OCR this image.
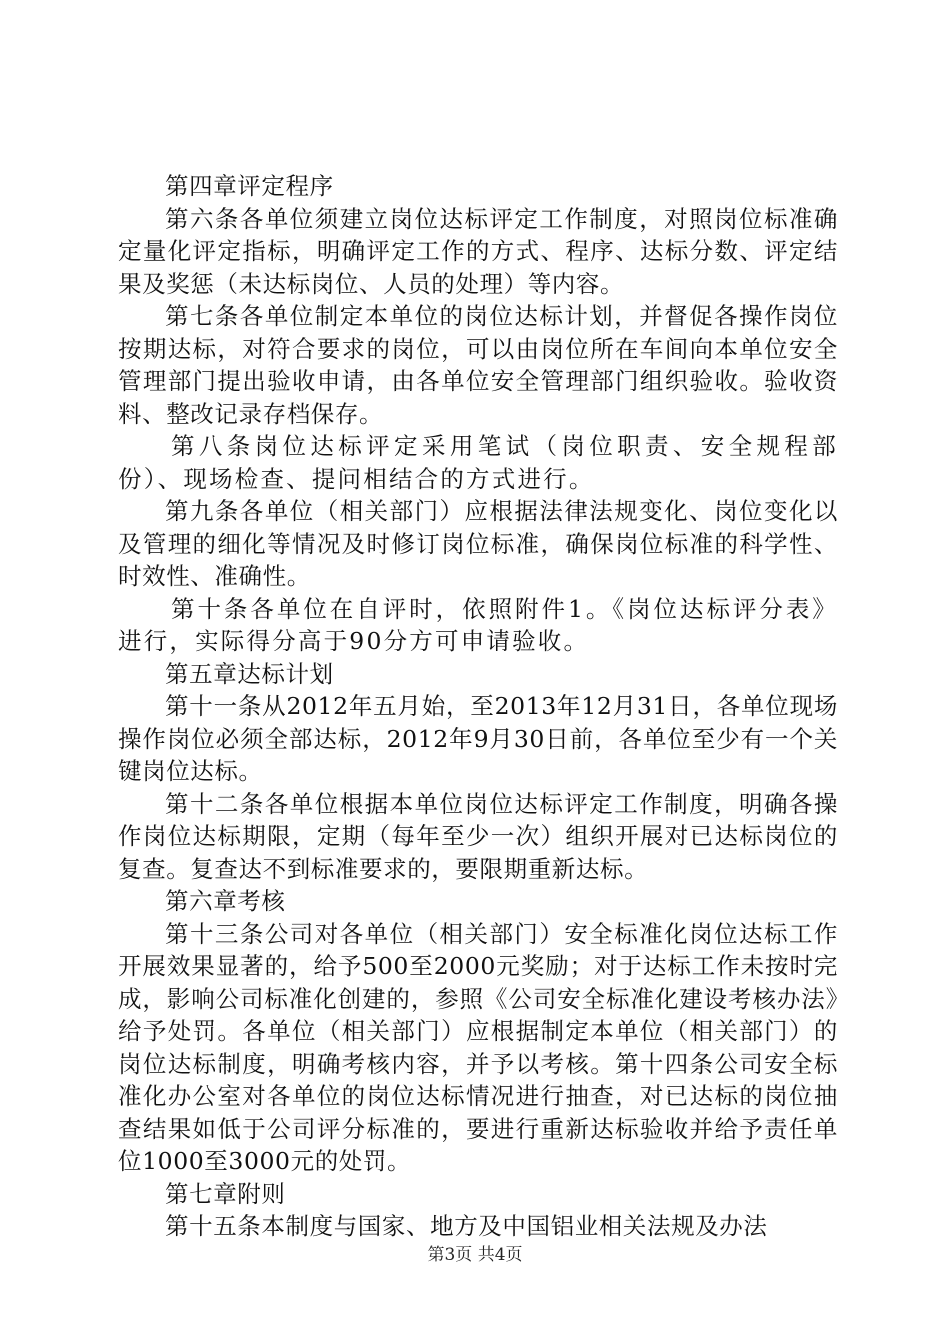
第四章评定程序

第六条各单位须建立岗位达标评定工作制度，对照岗位标准确定量化评定指标，明确评定工作的方式、程序、达标分数、评定结果及奖惩（未达标岗位、人员的处理）等内容。

第七条各单位制定本单位的岗位达标计划，并督促各操作岗位按期达标，对符合要求的岗位，可以由岗位所在车间向本单位安全管理部门提出验收申请，由各单位安全管理部门组织验收。验收资料、整改记录存档保存。

第八条岗位达标评定采用笔试（岗位职责、安全规程部份）、现场检查、提问相结合的方式进行。

第九条各单位（相关部门）应根据法律法规变化、岗位变化以及管理的细化等情况及时修订岗位标准，确保岗位标准的科学性、时效性、准确性。

第十条各单位在自评时，依照附件1。《岗位达标评分表》进行，实际得分高于90分方可申请验收。

第五章达标计划

第十一条从2012年五月始，至2013年12月31日，各单位现场操作岗位必须全部达标，2012年9月30日前，各单位至少有一个关键岗位达标。

第十二条各单位根据本单位岗位达标评定工作制度，明确各操作岗位达标期限，定期（每年至少一次）组织开展对已达标岗位的复查。复查达不到标准要求的，要限期重新达标。

第六章考核

第十三条公司对各单位（相关部门）安全标准化岗位达标工作开展效果显著的，给予500至2000元奖励；对于达标工作未按时完成，影响公司标准化创建的，参照《公司安全标准化建设考核办法》给予处罚。各单位（相关部门）应根据制定本单位（相关部门）的岗位达标制度，明确考核内容，并予以考核。第十四条公司安全标准化办公室对各单位的岗位达标情况进行抽查，对已达标的岗位抽查结果如低于公司评分标准的，要进行重新达标验收并给予责任单位1000至3000元的处罚。

第七章附则

第十五条本制度与国家、地方及中国铝业相关法规及办法

第3页 共4页
